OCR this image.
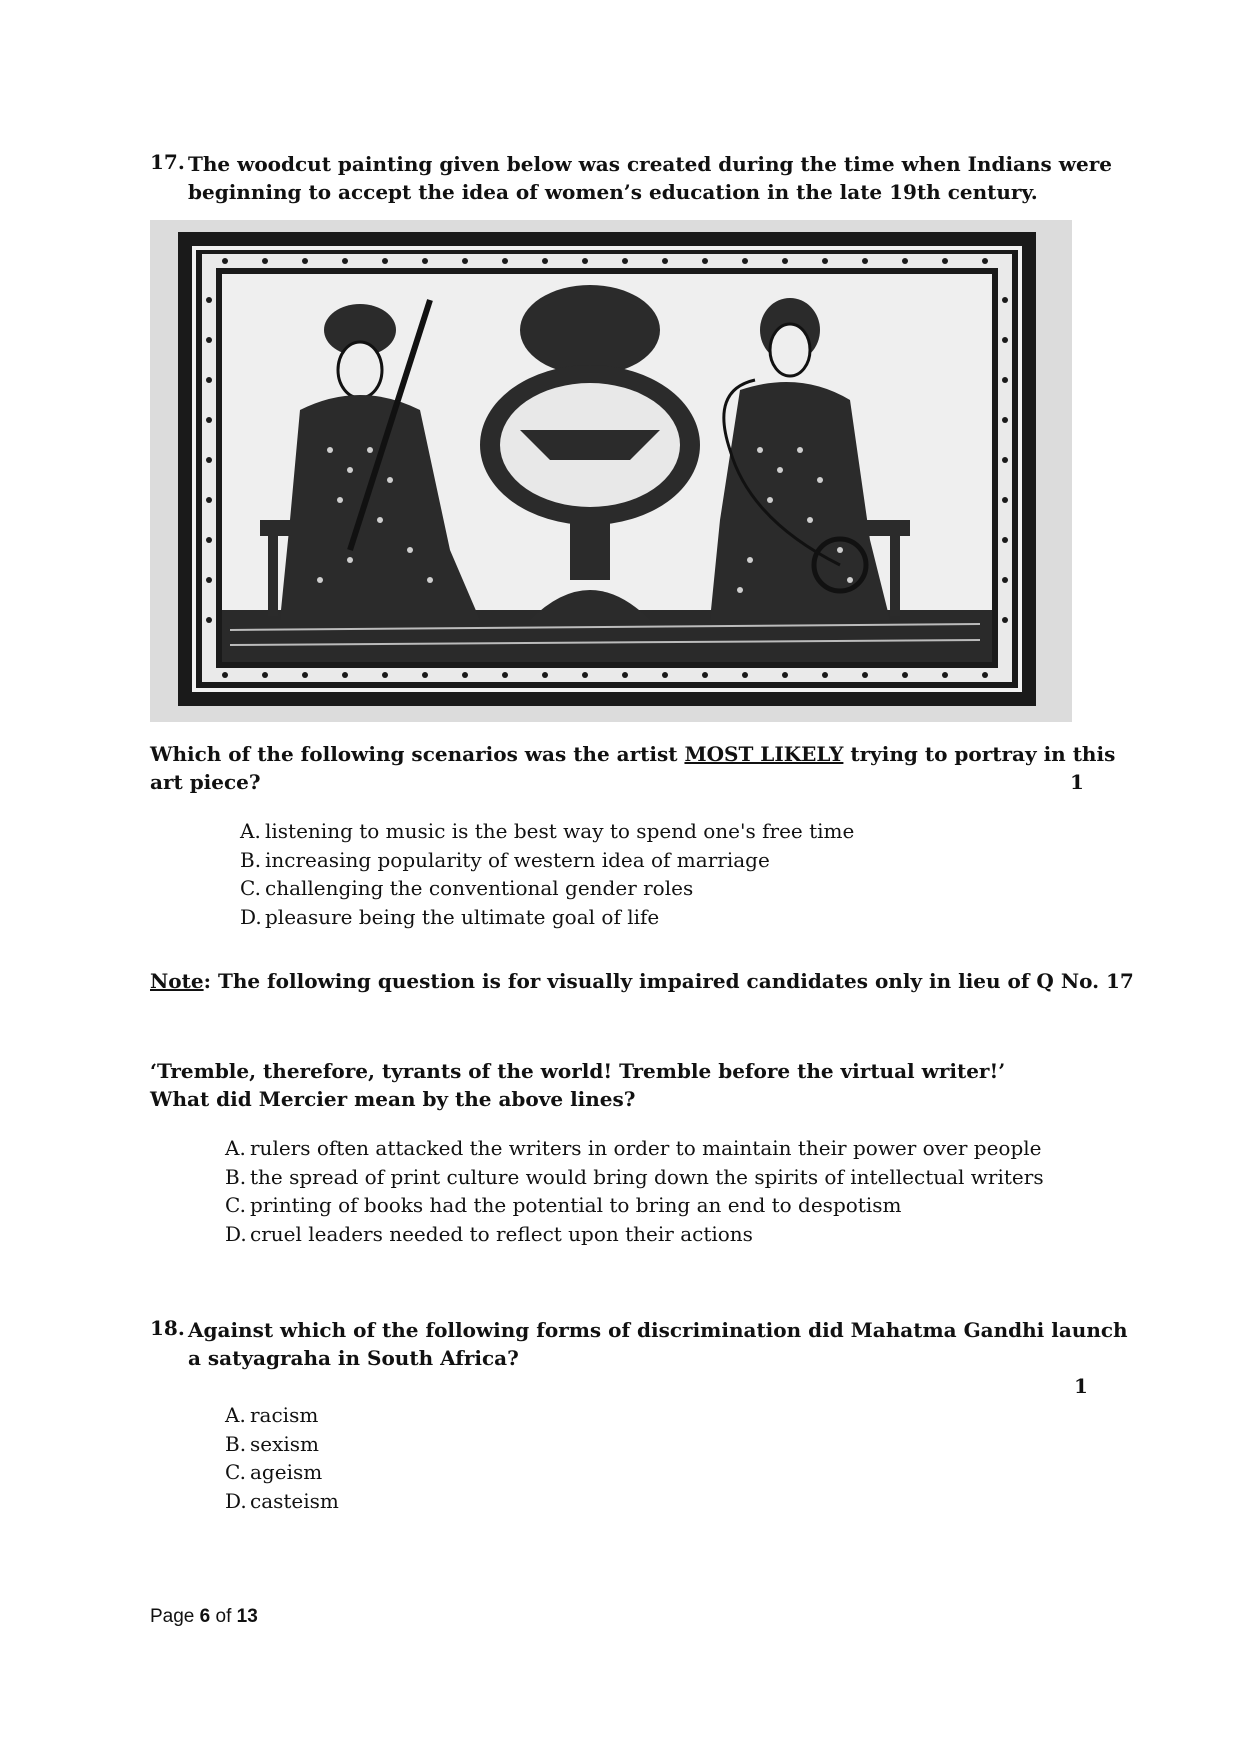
17. The woodcut painting given below was created during the time when Indians were
beginning to accept the idea of women’s education in the late 19th century.
Which of the following scenarios was the artist MOST LIKELY trying to portray in this
art piece?	1
A. listening to music is the best way to spend one's free time
B. increasing popularity of western idea of marriage
C. challenging the conventional gender roles
D. pleasure being the ultimate goal of life
Note: The following question is for visually impaired candidates only in lieu of Q No. 17
‘Tremble, therefore, tyrants of the world! Tremble before the virtual writer!’
What did Mercier mean by the above lines?
A. rulers often attacked the writers in order to maintain their power over people
B. the spread of print culture would bring down the spirits of intellectual writers
C. printing of books had the potential to bring an end to despotism
D. cruel leaders needed to reflect upon their actions
18. Against which of the following forms of discrimination did Mahatma Gandhi launch
a satyagraha in South Africa?
1
A. racism
B. sexism
C. ageism
D. casteism
Page 6 of 13
